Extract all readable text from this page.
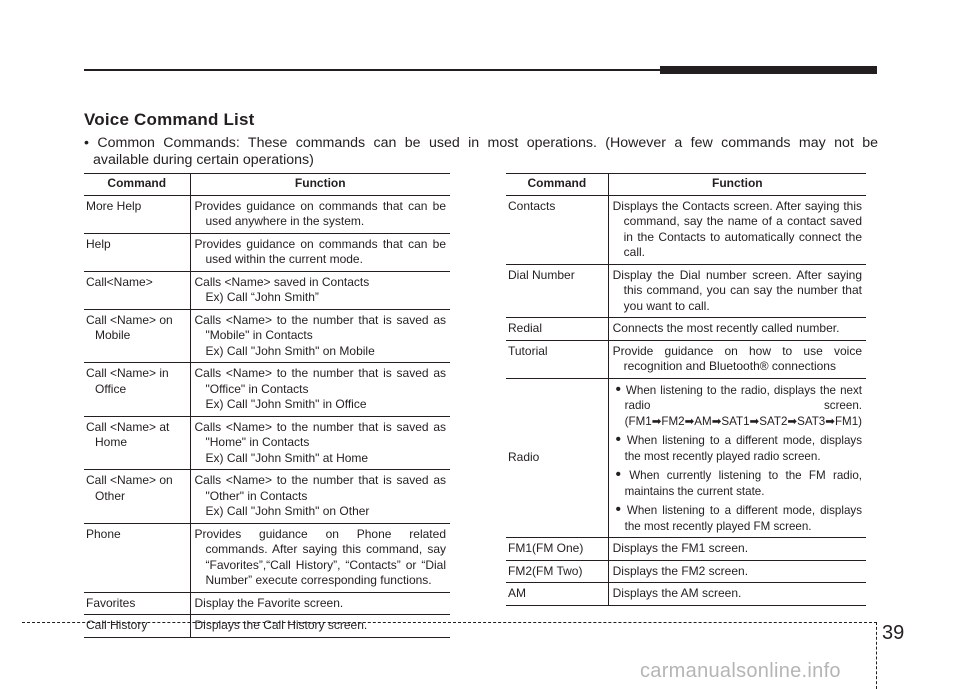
Voice Command List

• Common Commands: These commands can be used in most operations. (However a few commands may not be
available during certain operations)

Command	Function

More Help	Provides guidance on commands that can be used anywhere in the system.

Help	Provides guidance on commands that can be used within the current mode.

Call<Name>	Calls <Name> saved in Contacts
Ex) Call “John Smith”

Call <Name> on Mobile	Calls <Name> to the number that is saved as "Mobile" in Contacts
Ex) Call "John Smith" on Mobile

Call <Name> in Office	Calls <Name> to the number that is saved as "Office" in Contacts
Ex) Call "John Smith" in Office

Call <Name> at Home	Calls <Name> to the number that is saved as "Home" in Contacts
Ex) Call "John Smith" at Home

Call <Name> on Other	Calls <Name> to the number that is saved as "Other" in Contacts
Ex) Call "John Smith" on Other

Phone	Provides guidance on Phone related commands. After saying this command, say “Favorites”,“Call History”, “Contacts” or “Dial Number” execute corresponding functions.

Favorites	Display the Favorite screen.

Call History	Displays the Call History screen.
Command	Function

Contacts	Displays the Contacts screen. After saying this command, say the name of a contact saved in the Contacts to automatically connect the call.

Dial Number	Display the Dial number screen. After saying this command, you can say the number that you want to call.

Redial	Connects the most recently called number.

Tutorial	Provide guidance on how to use voice recognition and Bluetooth® connections

Radio	• When listening to the radio, displays the next radio screen. (FM1➡FM2➡AM➡SAT1➡SAT2➡SAT3➡FM1)
• When listening to a different mode, displays the most recently played radio screen.
• When currently listening to the FM radio, maintains the current state.
• When listening to a different mode, displays the most recently played FM screen.

FM1(FM One)	Displays the FM1 screen.

FM2(FM Two)	Displays the FM2 screen.

AM	Displays the AM screen.
39
carmanualsonline.info
